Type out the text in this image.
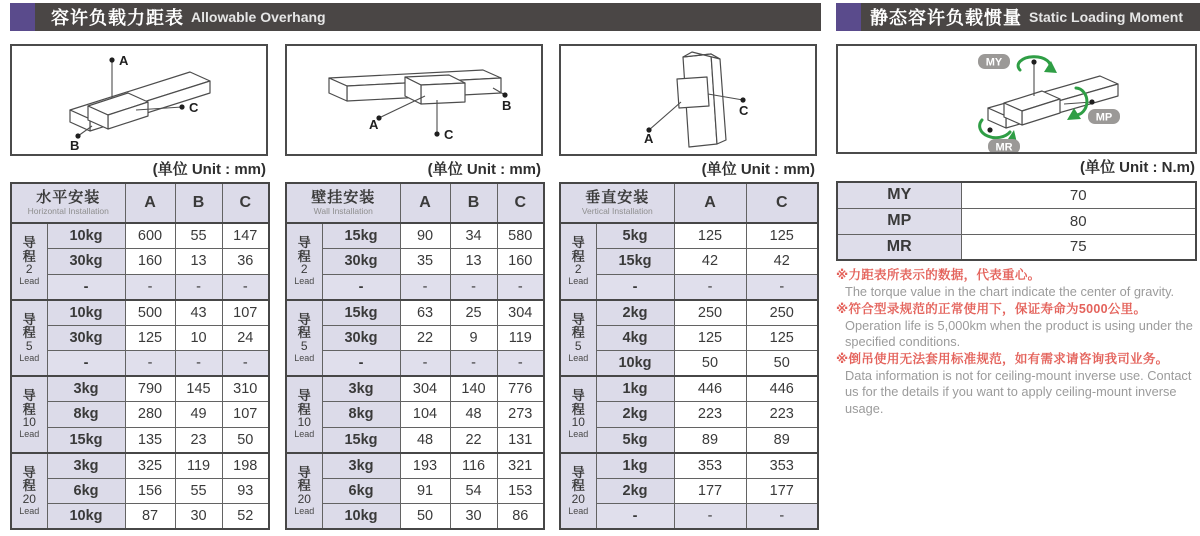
容许负载力距表 Allowable Overhang	静态容许负载惯量 Static Loading Moment
A
C
B
(单位 Unit : mm)
水平安装
Horizontal Installation		A	B	C

导
程
2
Lead	10kg	600	55	147
	30kg	160	13	36
	-	-	-	-

导
程
5
Lead	10kg	500	43	107
	30kg	125	10	24
	-	-	-	-

导
程
10
Lead	3kg	790	145	310
	8kg	280	49	107
	15kg	135	23	50

导
程
20
Lead	3kg	325	119	198
	6kg	156	55	93
	10kg	87	30	52
A
C
B
(单位 Unit : mm)
壁挂安装
Wall Installation		A	B	C

导
程
2
Lead	15kg	90	34	580
	30kg	35	13	160
	-	-	-	-

导
程
5
Lead	15kg	63	25	304
	30kg	22	9	119
	-	-	-	-

导
程
10
Lead	3kg	304	140	776
	8kg	104	48	273
	15kg	48	22	131

导
程
20
Lead	3kg	193	116	321
	6kg	91	54	153
	10kg	50	30	86
A
C
(单位 Unit : mm)
垂直安装
Vertical Installation		A	C

导
程
2
Lead	5kg	125	125
	15kg	42	42
	-	-	-

导
程
5
Lead	2kg	250	250
	4kg	125	125
	10kg	50	50

导
程
10
Lead	1kg	446	446
	2kg	223	223
	5kg	89	89

导
程
20
Lead	1kg	353	353
	2kg	177	177
	-	-	-
MY
MP
MR
(单位 Unit : N.m)
MY	70
MP	80
MR	75
※力距表所表示的数据，代表重心。
The torque value in the chart indicate the center of gravity.
※符合型录规范的正常使用下，保证寿命为5000公里。
Operation life is 5,000km when the product is using under the specified conditions.
※倒吊使用无法套用标准规范，如有需求请咨询我司业务。
Data information is not for ceiling-mount inverse use. Contact us for the details if you want to apply ceiling-mount inverse usage.
